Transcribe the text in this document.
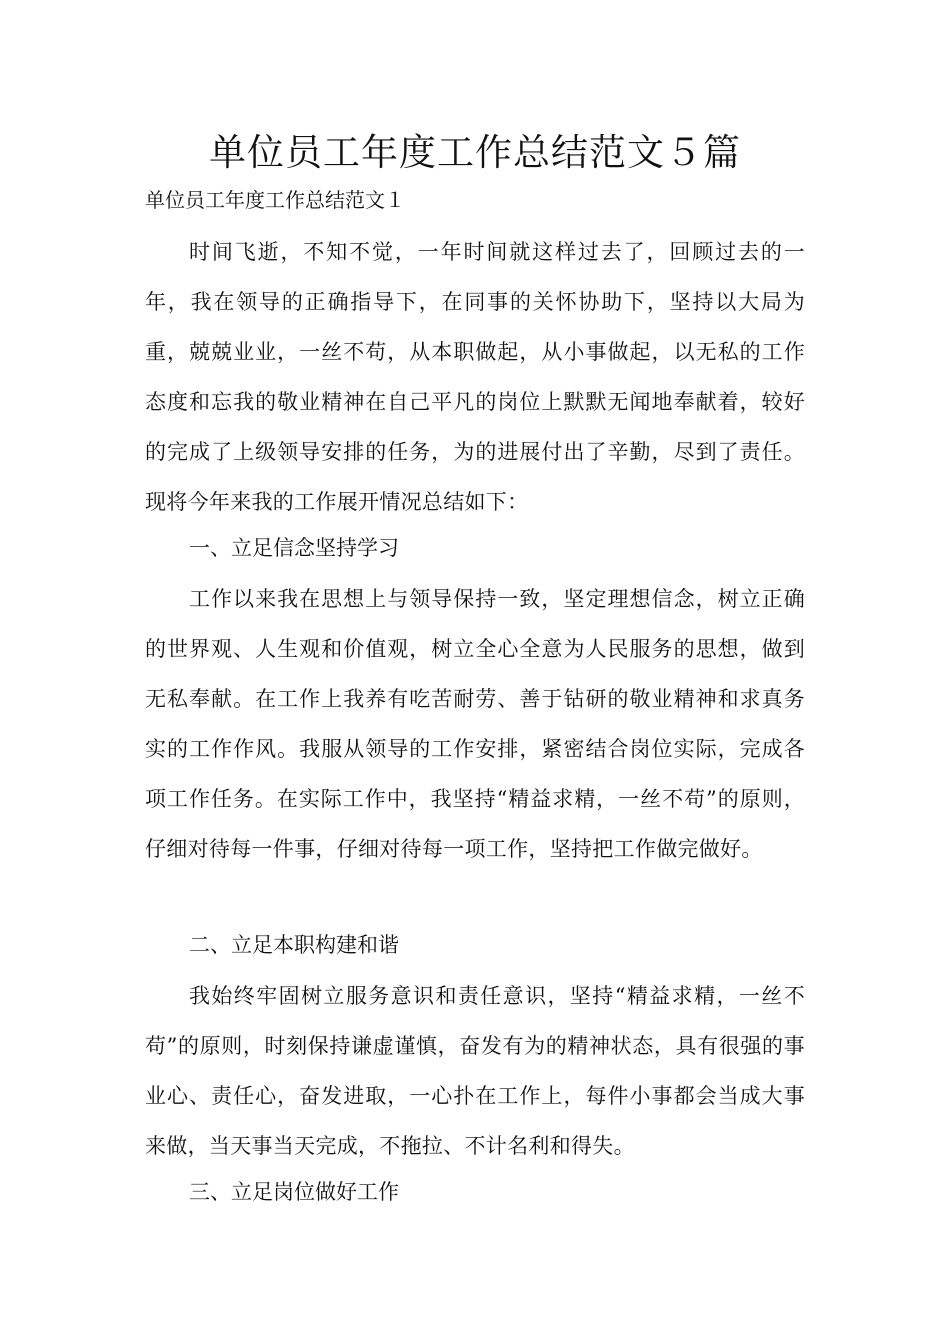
单位员工年度工作总结范文５篇
单位员工年度工作总结范文１
时间飞逝，不知不觉，一年时间就这样过去了，回顾过去的一年，我在领导的正确指导下，在同事的关怀协助下，坚持以大局为重，兢兢业业，一丝不苟，从本职做起，从小事做起，以无私的工作态度和忘我的敬业精神在自己平凡的岗位上默默无闻地奉献着，较好的完成了上级领导安排的任务，为的进展付出了辛勤，尽到了责任。现将今年来我的工作展开情况总结如下：
一、立足信念坚持学习
工作以来我在思想上与领导保持一致，坚定理想信念，树立正确的世界观、人生观和价值观，树立全心全意为人民服务的思想，做到无私奉献。在工作上我养有吃苦耐劳、善于钻研的敬业精神和求真务实的工作作风。我服从领导的工作安排，紧密结合岗位实际，完成各项工作任务。在实际工作中，我坚持“精益求精，一丝不苟”的原则，仔细对待每一件事，仔细对待每一项工作，坚持把工作做完做好。
二、立足本职构建和谐
我始终牢固树立服务意识和责任意识，坚持“精益求精，一丝不苟”的原则，时刻保持谦虚谨慎，奋发有为的精神状态，具有很强的事业心、责任心，奋发进取，一心扑在工作上，每件小事都会当成大事来做，当天事当天完成，不拖拉、不计名利和得失。
三、立足岗位做好工作
